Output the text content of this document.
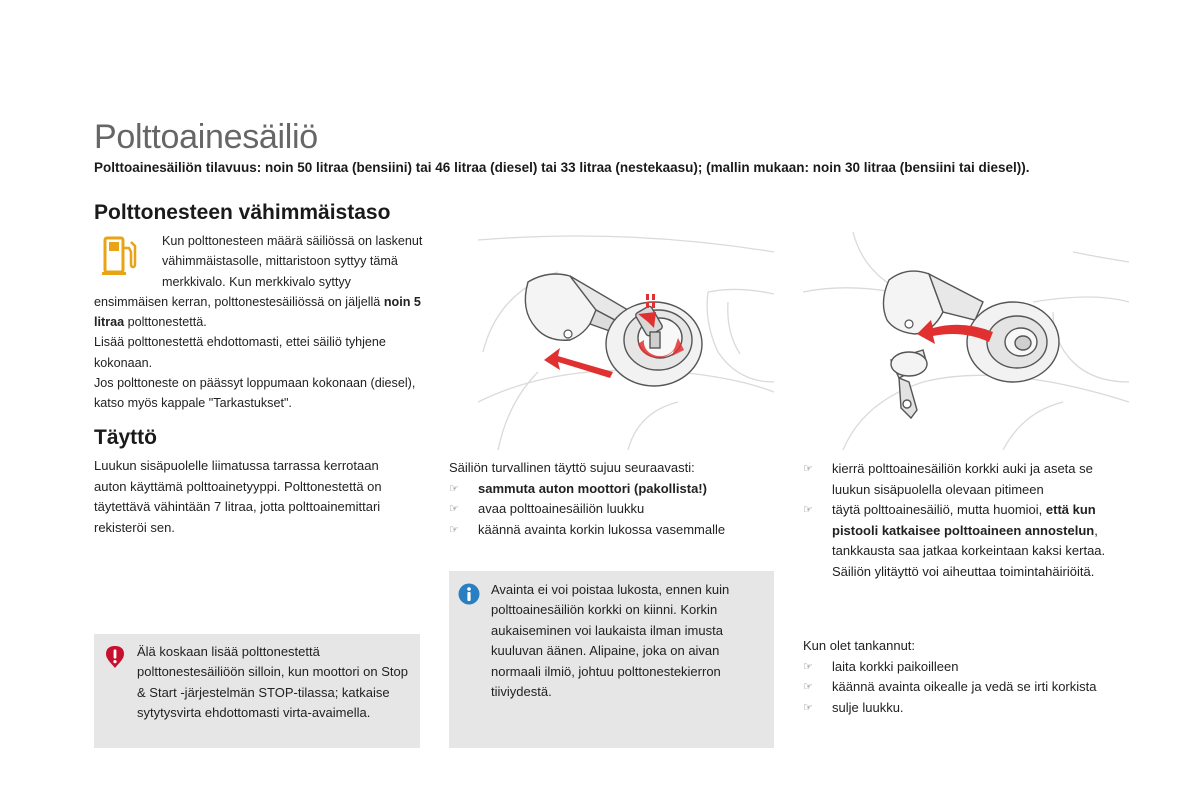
Polttoainesäiliö
Polttoainesäiliön tilavuus: noin 50 litraa (bensiini) tai 46 litraa (diesel) tai 33 litraa (nestekaasu); (mallin mukaan: noin 30 litraa (bensiini tai diesel)).
Polttonesteen vähimmäistaso
Kun polttonesteen määrä säiliössä on laskenut vähimmäistasolle, mittaristoon syttyy tämä merkkivalo. Kun merkkivalo syttyy ensimmäisen kerran, polttonestesäiliössä on jäljellä noin 5 litraa polttonestettä.
Lisää polttonestettä ehdottomasti, ettei säiliö tyhjene kokonaan.
Jos polttoneste on päässyt loppumaan kokonaan (diesel), katso myös kappale "Tarkastukset".
Täyttö
Luukun sisäpuolelle liimatussa tarrassa kerrotaan auton käyttämä polttoainetyyppi. Polttonestettä on täytettävä vähintään 7 litraa, jotta polttoainemittari rekisteröi sen.
Älä koskaan lisää polttonestettä polttonestesäiliöön silloin, kun moottori on Stop & Start -järjestelmän STOP-tilassa; katkaise sytytysvirta ehdottomasti virta-avaimella.
Säiliön turvallinen täyttö sujuu seuraavasti:
☞ sammuta auton moottori (pakollista!)
☞ avaa polttoainesäiliön luukku
☞ käännä avainta korkin lukossa vasemmalle
Avainta ei voi poistaa lukosta, ennen kuin polttoainesäiliön korkki on kiinni. Korkin aukaiseminen voi laukaista ilman imusta kuuluvan äänen. Alipaine, joka on aivan normaali ilmiö, johtuu polttonestekierron tiiviydestä.
☞ kierrä polttoainesäiliön korkki auki ja aseta se luukun sisäpuolella olevaan pitimeen
☞ täytä polttoainesäiliö, mutta huomioi, että kun pistooli katkaisee polttoaineen annostelun, tankkausta saa jatkaa korkeintaan kaksi kertaa. Säiliön ylitäyttö voi aiheuttaa toimintahäiriöitä.
Kun olet tankannut:
☞ laita korkki paikoilleen
☞ käännä avainta oikealle ja vedä se irti korkista
☞ sulje luukku.
